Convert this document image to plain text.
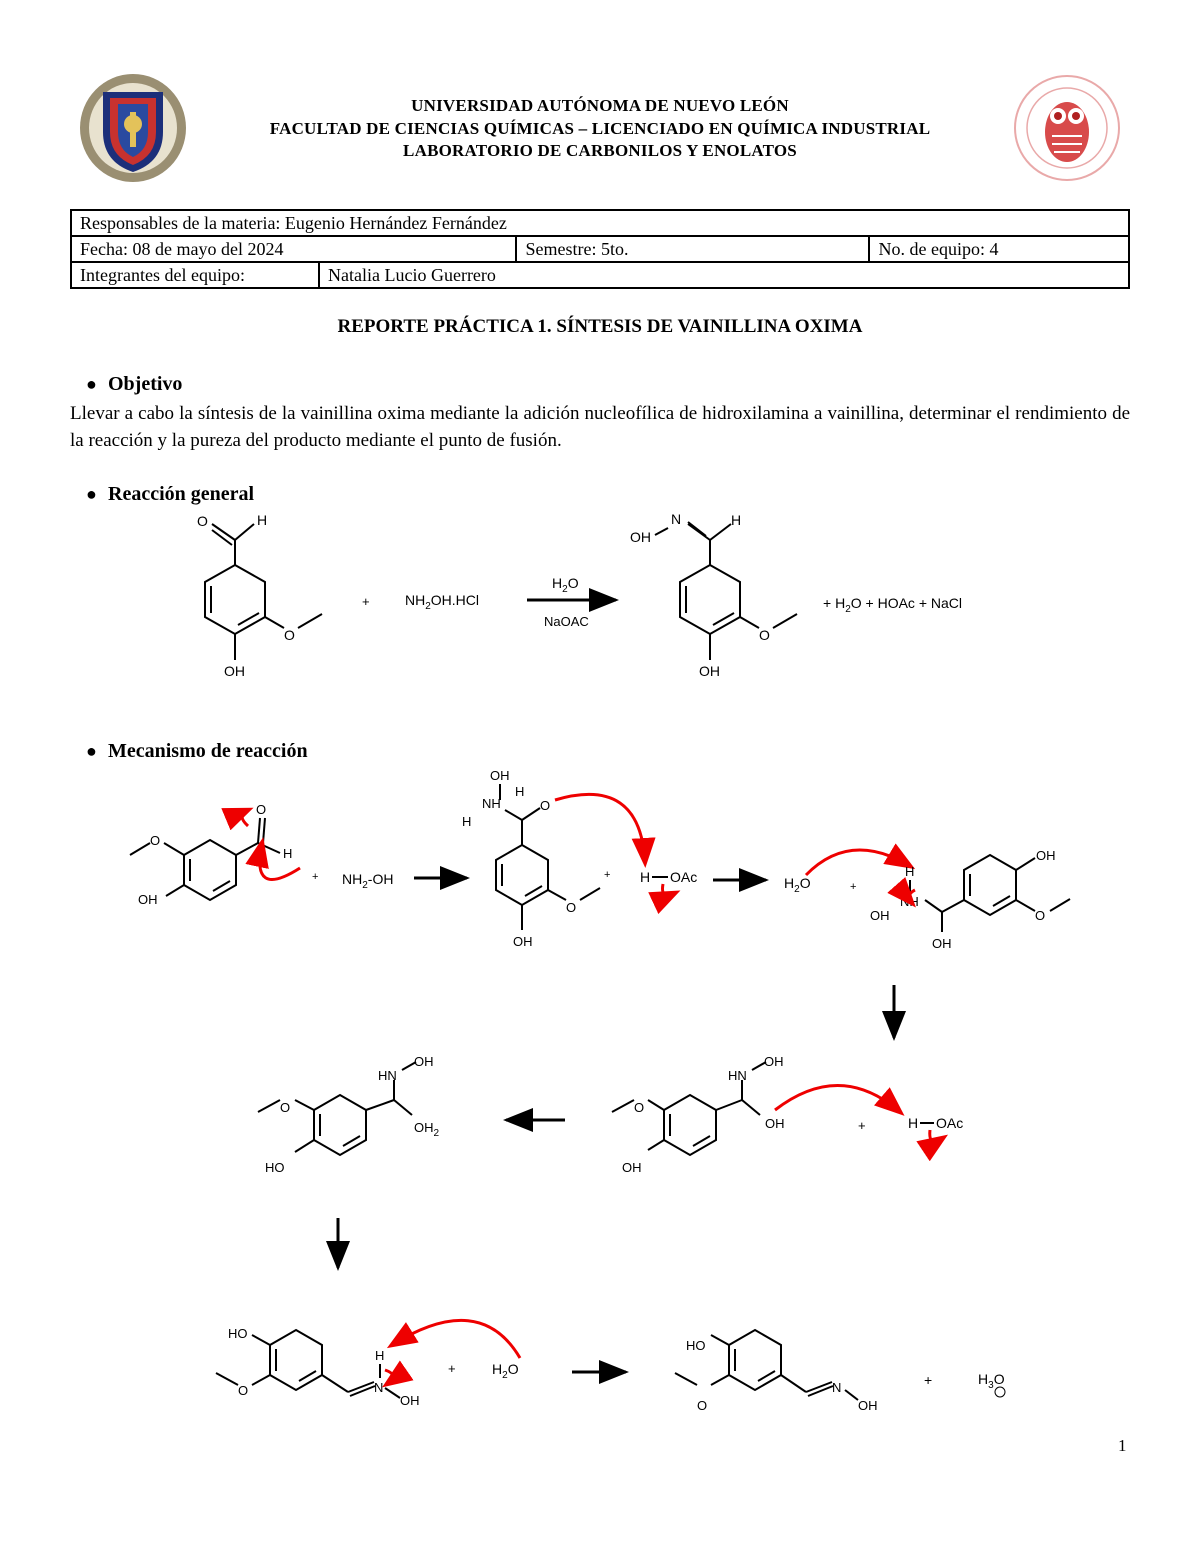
UNIVERSIDAD AUTÓNOMA DE NUEVO LEÓN
FACULTAD DE CIENCIAS QUÍMICAS – LICENCIADO EN QUÍMICA INDUSTRIAL
LABORATORIO DE CARBONILOS Y ENOLATOS
Responsables de la materia: Eugenio Hernández Fernández			
Fecha: 08 de mayo del 2024		Semestre: 5to.	No. de equipo: 4
Integrantes del equipo:	Natalia Lucio Guerrero		
REPORTE PRÁCTICA 1. SÍNTESIS DE VAINILLINA OXIMA
● Objetivo
Llevar a cabo la síntesis de la vainillina oxima mediante la adición nucleofílica de hidroxilamina a vainillina, determinar el rendimiento de la reacción y la pureza del producto mediante el punto de fusión.
● Reacción general
O	H
O
OH
+	$NH_2OH.HCl$
$H_2O$
NaOAC
N	H
OH
O
OH
+ $H_2O$ + HOAc + NaCl
● Mecanismo de reacción
O
H
O
OH
+ $NH_2-OH$
OH
NH
H
H
O
O
OH
+ H OAc	$H_2O$	+
H
NH
OH
OH
OH
O
HN
OH
OH
O
OH
+	H OAc
HN
OH
$OH_2$
O
HO
HO
O
H
N
OH
+	$H_2O$
HO
O
N
OH
+	$H_3O$
1
